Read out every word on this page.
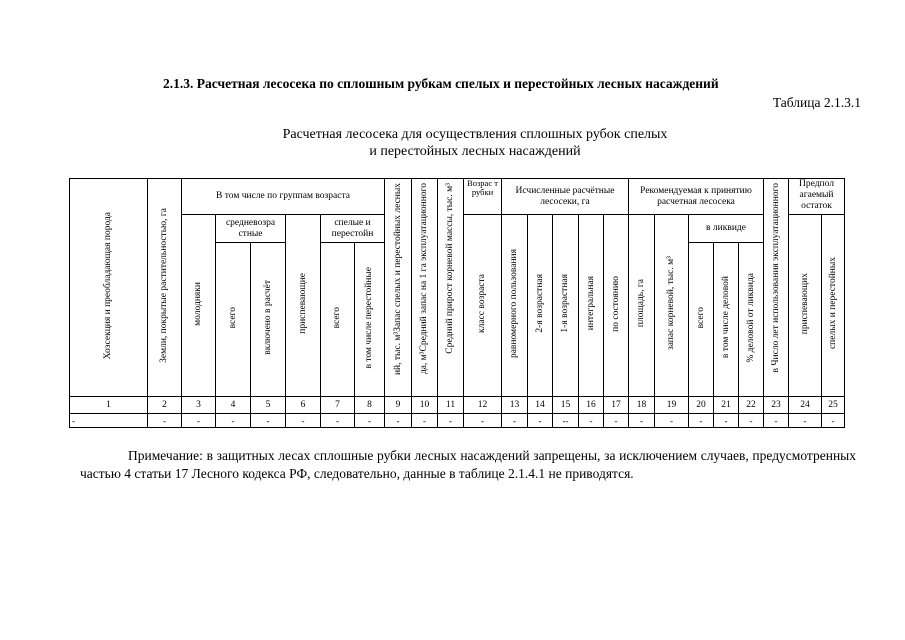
2.1.3. Расчетная лесосека по сплошным рубкам спелых и перестойных лесных насаждений
Таблица 2.1.3.1
Расчетная лесосека для осуществления сплошных рубок спелых
и перестойных лесных насаждений
Хозсекция и преобладающая порода	Земли, покрытые растительностью, га	В том числе по группам возраста						ий, тыс. м³Запас спелых и перестойных лесных	да, м³Средний запас на 1 га эксплуатационного	Средний прирост корневой массы, тыс. м³	Возрас т рубки	Исчисленные расчётные лесосеки, га					Рекомендуемая к принятию расчетная лесосека					в Число лет использования эксплуатационного	Предпол агаемый остаток	
		молодняки	средневозра стные		приспевающие	спелые и перестойн					класс возраста	равномерного пользования	2-я возрастная	1-я возрастная	интегральная	по состоянию	площадь, га	запас корневой, тыс. м³	в ликвиде				приспевающих	спелых и перестойных
			всего	включено в расчёт		всего	в том числе перестойные												всего	в том числе деловой	% деловой от ликвида			
1	2	3	4	5	6	7	8	9	10	11	12	13	14	15	16	17	18	19	20	21	22	23	24	25
-	-	-	-	-	-	-	-	-	-	-	-	-	-	--	-	-	-	-	-	-	-	-	-	-
Примечание: в защитных лесах сплошные рубки лесных насаждений запрещены, за исключением случаев, предусмотренных частью 4 статьи 17 Лесного кодекса РФ, следовательно, данные в таблице 2.1.4.1 не приводятся.
